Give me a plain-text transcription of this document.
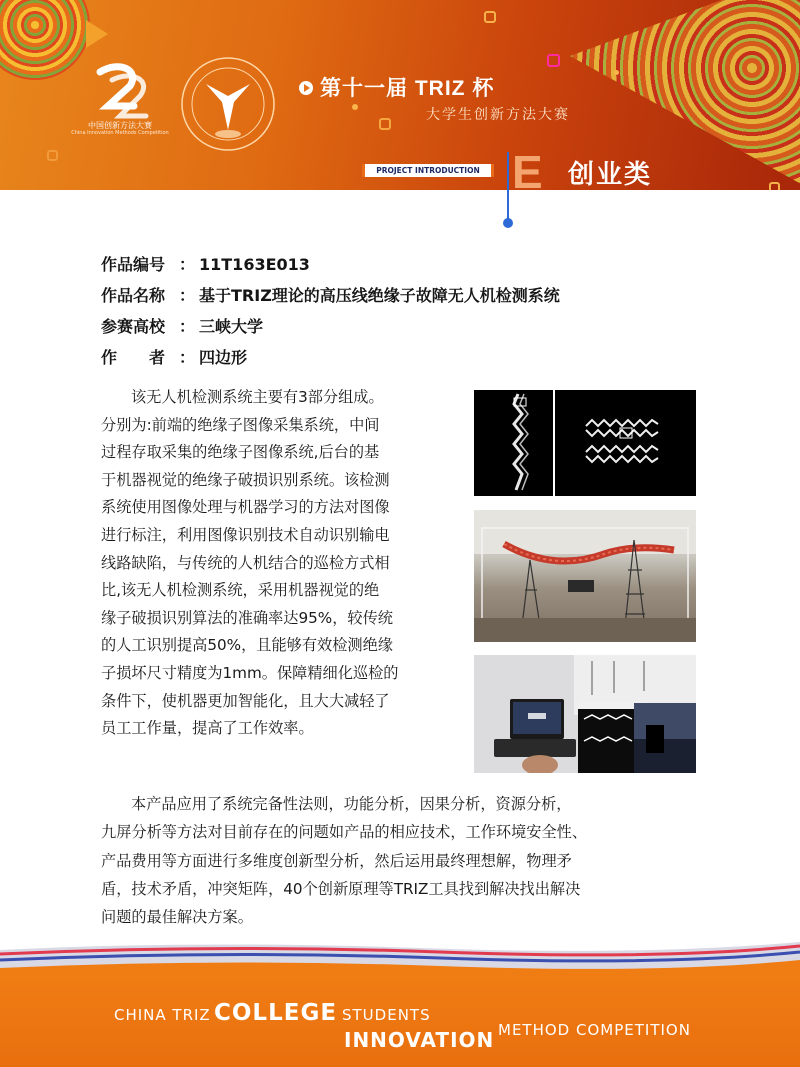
中国创新方法大赛
China Innovation Methods Competition
第十一届 TRIZ 杯
大学生创新方法大赛
PROJECT INTRODUCTION E 创业类
作品编号 ： 11T163E013
作品名称 ： 基于TRIZ理论的高压线绝缘子故障无人机检测系统
参赛高校 ： 三峡大学
作　　者 ： 四边形
该无人机检测系统主要有3部分组成。
分别为:前端的绝缘子图像采集系统，中间
过程存取采集的绝缘子图像系统,后台的基
于机器视觉的绝缘子破损识别系统。该检测
系统使用图像处理与机器学习的方法对图像
进行标注，利用图像识别技术自动识别输电
线路缺陷，与传统的人机结合的巡检方式相
比,该无人机检测系统，采用机器视觉的绝
缘子破损识别算法的准确率达95%，较传统
的人工识别提高50%，且能够有效检测绝缘
子损坏尺寸精度为1mm。保障精细化巡检的
条件下，使机器更加智能化，且大大减轻了
员工工作量，提高了工作效率。
本产品应用了系统完备性法则，功能分析，因果分析，资源分析，
九屏分析等方法对目前存在的问题如产品的相应技术，工作环境安全性、
产品费用等方面进行多维度创新型分析，然后运用最终理想解，物理矛
盾，技术矛盾，冲突矩阵，40个创新原理等TRIZ工具找到解决找出解决
问题的最佳解决方案。
CHINA TRIZ COLLEGE STUDENTS
INNOVATION METHOD COMPETITION
